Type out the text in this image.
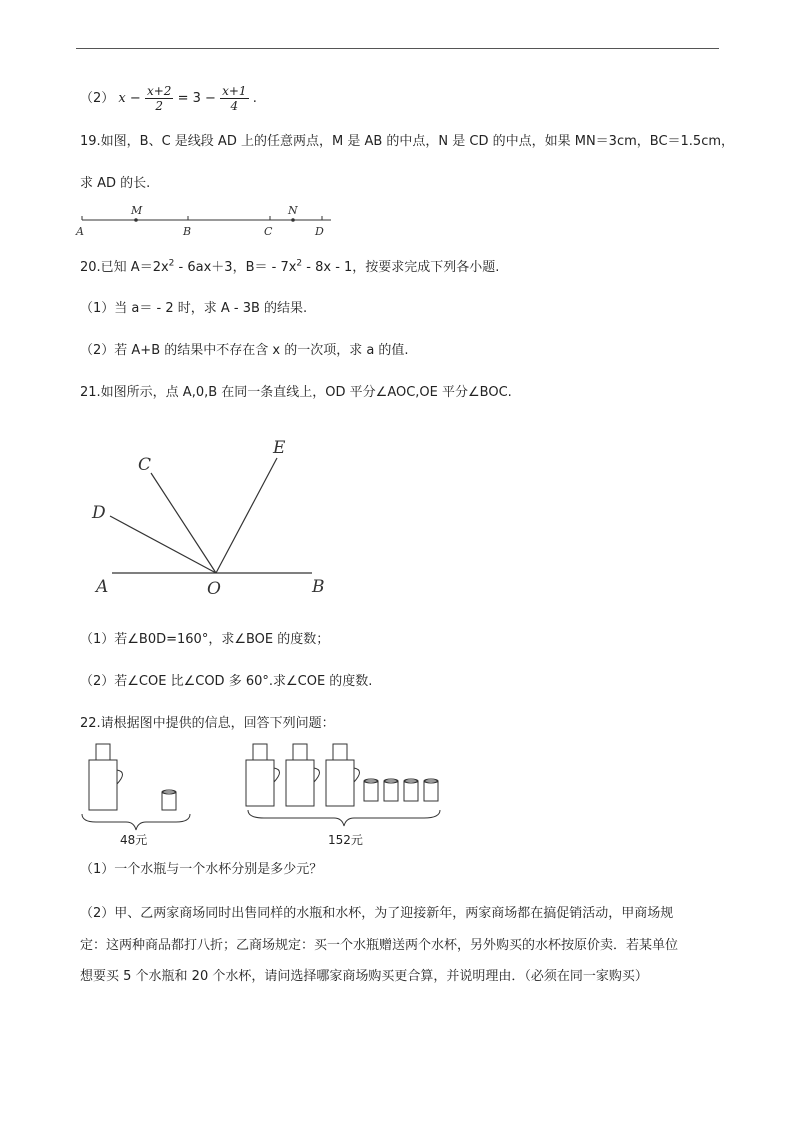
（2） $x - \frac{x+2}{2} = 3 - \frac{x+1}{4}$ .
19.如图，B、C 是线段 AD 上的任意两点，M 是 AB 的中点，N 是 CD 的中点，如果 MN＝3cm，BC＝1.5cm，
求 AD 的长.
A
M
B	C
N
D
20.已知 $A=2x^2 - 6ax+3$，$B= - 7x^2 - 8x - 1$，按要求完成下列各小题.
（1）当 a＝ - 2 时，求 A - 3B 的结果.
（2）若 A+B 的结果中不存在含 x 的一次项，求 a 的值.
21.如图所示，点 A,0,B 在同一条直线上，OD 平分∠AOC,OE 平分∠BOC.
C
E
D
A	O	B
（1）若∠B0D=160°，求∠BOE 的度数；
（2）若∠COE 比∠COD 多 60°.求∠COE 的度数.
22.请根据图中提供的信息，回答下列问题：
48元	152元
（1）一个水瓶与一个水杯分别是多少元？
（2）甲、乙两家商场同时出售同样的水瓶和水杯，为了迎接新年，两家商场都在搞促销活动，甲商场规
定：这两种商品都打八折；乙商场规定：买一个水瓶赠送两个水杯，另外购买的水杯按原价卖．若某单位
想要买 5 个水瓶和 20 个水杯，请问选择哪家商场购买更合算，并说明理由．（必须在同一家购买）
